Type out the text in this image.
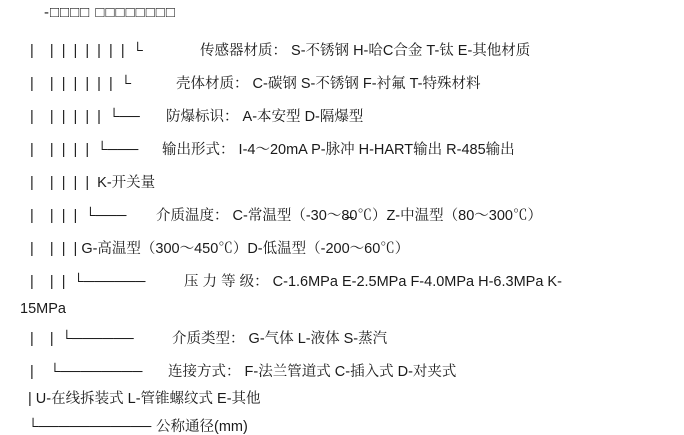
-□□□□ □□□□□□□□
|    |  |  |  |  |  |  |  └	传感器材质： S-不锈钢 H-哈C合金 T-钛 E-其他材质
|    |  |  |  |  |  |  └	壳体材质： C-碳钢 S-不锈钢 F-衬氟 T-特殊材料
|    |  |  |  |  |  └── 防爆标识： A-本安型 D-隔爆型
|    |  |  |  |  └─── 输出形式： I-4～20mA P-脉冲 H-HART输出 R-485输出
|    |  |  |  |  K-开关量
|    |  |  |  └─── 介质温度： C-常温型（-30～8̶0℃）Z-中温型（80～300℃）
|    |  |  | G-高温型（300～450℃）D-低温型（-200～60℃）
|    |  |  └────── 压 力 等 级： C-1.6MPa E-2.5MPa F-4.0MPa H-6.3MPa K-
15MPa
|    |  └────── 介质类型： G-气体 L-液体 S-蒸汽
|    └──────── 连接方式： F-法兰管道式 C-插入式 D-对夹式
| U-在线拆装式 L-管锥螺纹式 E-其他
└─────────── 公称通径(mm)
